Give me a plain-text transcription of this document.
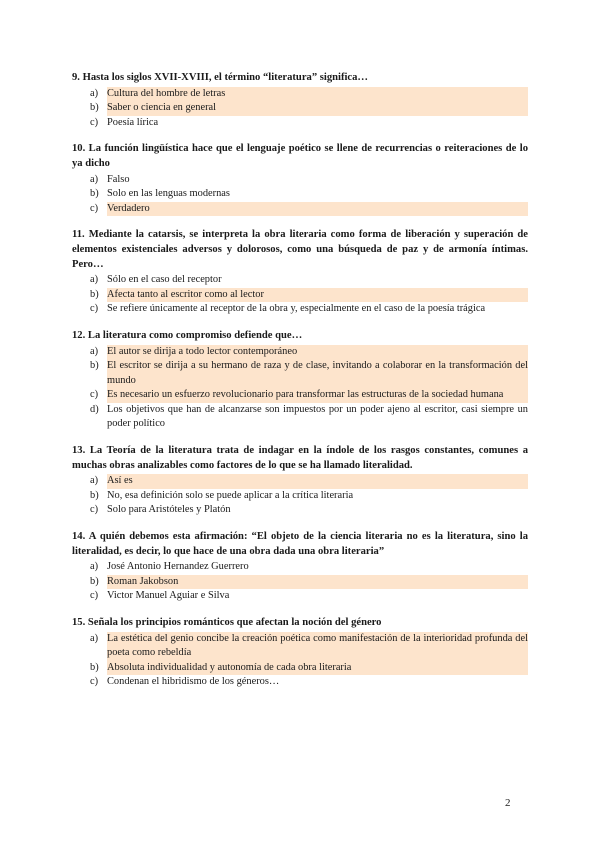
9. Hasta los siglos XVII-XVIII, el término “literatura” significa…
a) Cultura del hombre de letras
b) Saber o ciencia en general
c) Poesía lírica
10. La función lingüística hace que el lenguaje poético se llene de recurrencias o reiteraciones de lo ya dicho
a) Falso
b) Solo en las lenguas modernas
c) Verdadero
11. Mediante la catarsis, se interpreta la obra literaria como forma de liberación y superación de elementos existenciales adversos y dolorosos, como una búsqueda de paz y de armonía íntimas. Pero…
a) Sólo en el caso del receptor
b) Afecta tanto al escritor como al lector
c) Se refiere únicamente al receptor de la obra y, especialmente en el caso de la poesía trágica
12. La literatura como compromiso defiende que…
a) El autor se dirija a todo lector contemporáneo
b) El escritor se dirija a su hermano de raza y de clase, invitando a colaborar en la transformación del mundo
c) Es necesario un esfuerzo revolucionario para transformar las estructuras de la sociedad humana
d) Los objetivos que han de alcanzarse son impuestos por un poder ajeno al escritor, casi siempre un poder político
13. La Teoría de la literatura trata de indagar en la índole de los rasgos constantes, comunes a muchas obras analizables como factores de lo que se ha llamado literalidad.
a) Así es
b) No, esa definición solo se puede aplicar a la crítica literaria
c) Solo para Aristóteles y Platón
14. A quién debemos esta afirmación: “El objeto de la ciencia literaria no es la literatura, sino la literalidad, es decir, lo que hace de una obra dada una obra literaria”
a) José Antonio Hernandez Guerrero
b) Roman Jakobson
c) Victor Manuel Aguiar e Silva
15. Señala los principios románticos que afectan la noción del género
a) La estética del genio concibe la creación poética como manifestación de la interioridad profunda del poeta como rebeldía
b) Absoluta individualidad y autonomía de cada obra literaria
c) Condenan el hibridismo de los géneros…
2
